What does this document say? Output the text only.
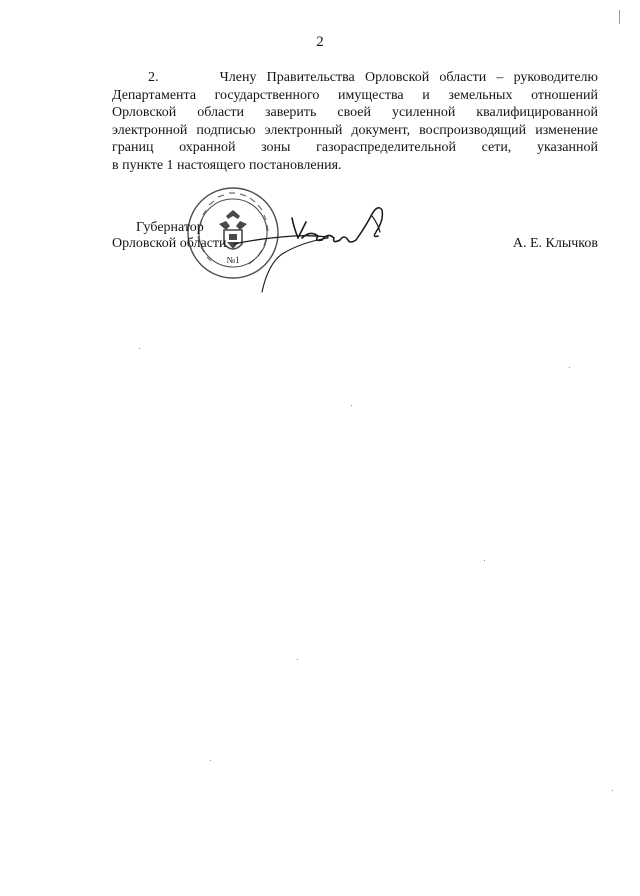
2
2.      Члену Правительства Орловской области – руководителю
Департамента государственного имущества и земельных отношений
Орловской области заверить своей усиленной квалифицированной
электронной подписью электронный документ, воспроизводящий изменение
границ охранной зоны газораспределительной сети, указанной
в пункте 1 настоящего постановления.
№1
Губернатор
Орловской области	А. Е. Клычков
